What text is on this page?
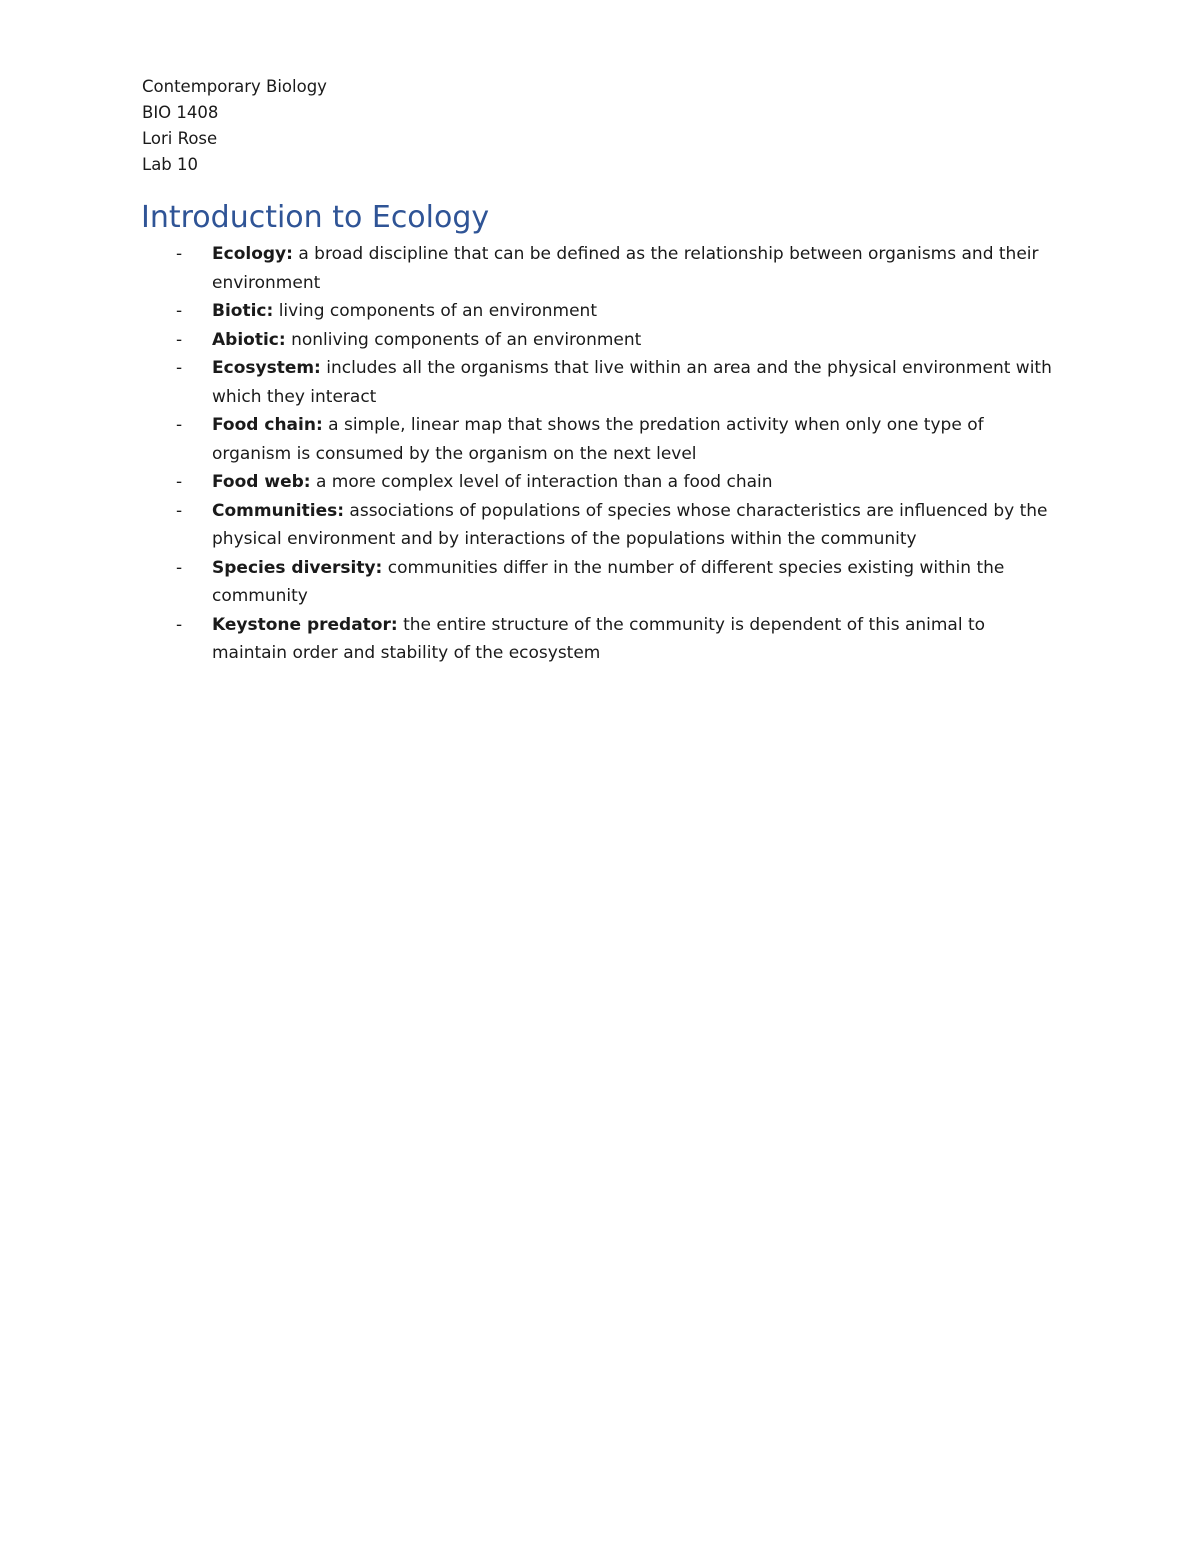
Contemporary Biology
BIO 1408
Lori Rose
Lab 10
Introduction to Ecology
- Ecology: a broad discipline that can be defined as the relationship between organisms and their environment
- Biotic: living components of an environment
- Abiotic: nonliving components of an environment
- Ecosystem: includes all the organisms that live within an area and the physical environment with which they interact
- Food chain: a simple, linear map that shows the predation activity when only one type of organism is consumed by the organism on the next level
- Food web: a more complex level of interaction than a food chain
- Communities: associations of populations of species whose characteristics are influenced by the physical environment and by interactions of the populations within the community
- Species diversity: communities differ in the number of different species existing within the community
- Keystone predator: the entire structure of the community is dependent of this animal to maintain order and stability of the ecosystem
